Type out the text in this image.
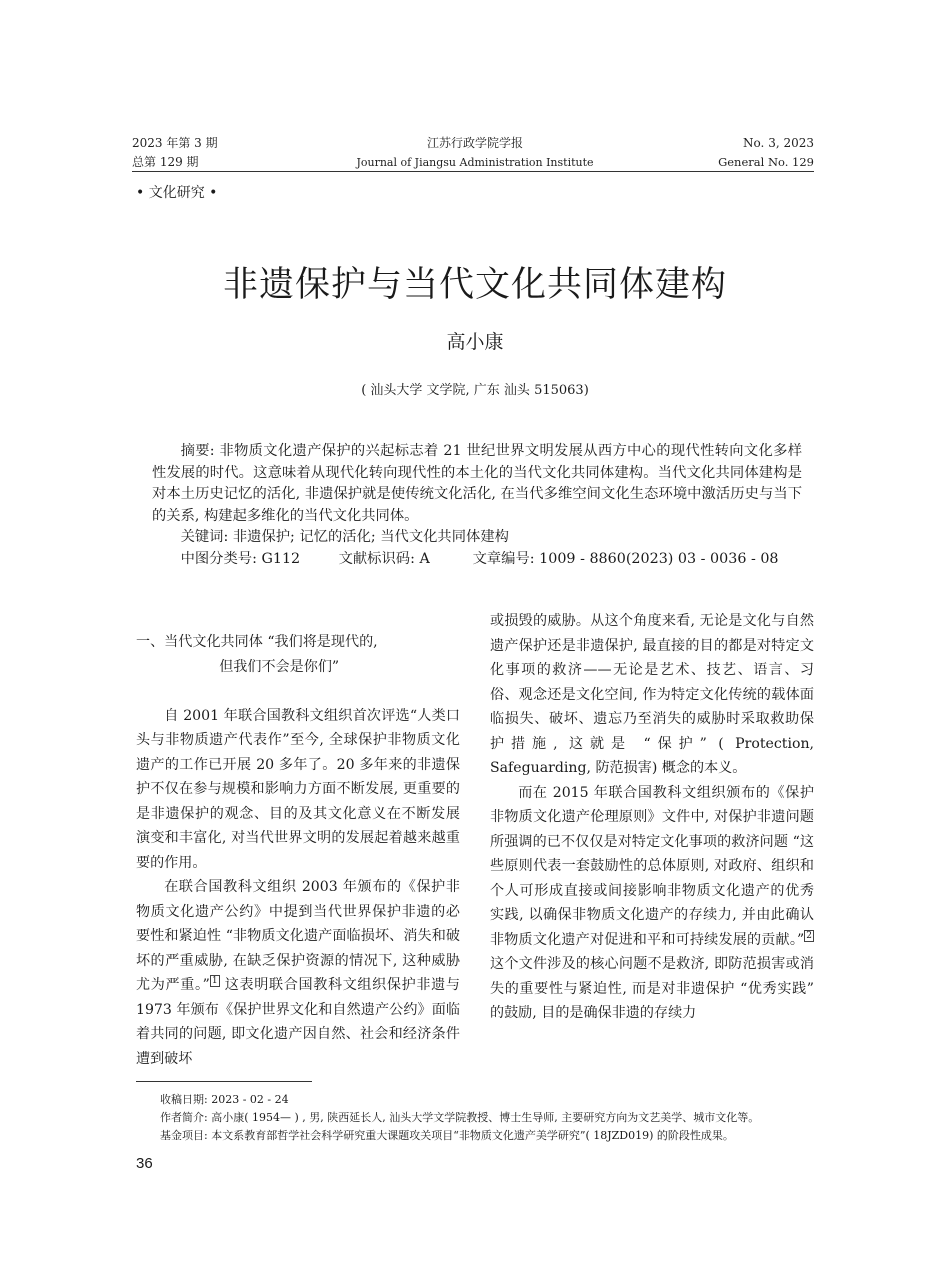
2023 年第 3 期
总第 129 期
江苏行政学院学报
Journal of Jiangsu Administration Institute
No. 3, 2023
General No. 129
• 文化研究 •
非遗保护与当代文化共同体建构
高小康
( 汕头大学 文学院, 广东 汕头 515063)

摘要: 非物质文化遗产保护的兴起标志着 21 世纪世界文明发展从西方中心的现代性转向文化多样性发展的时代。这意味着从现代化转向现代性的本土化的当代文化共同体建构。当代文化共同体建构是对本土历史记忆的活化, 非遗保护就是使传统文化活化, 在当代多维空间文化生态环境中激活历史与当下的关系, 构建起多维化的当代文化共同体。

关键词: 非遗保护; 记忆的活化; 当代文化共同体建构

中图分类号: G112	文献标识码: A	文章编号: 1009 - 8860(2023) 03 - 0036 - 08

一、当代文化共同体 “我们将是现代的,
但我们不会是你们”

自 2001 年联合国教科文组织首次评选“人类口头与非物质遗产代表作”至今, 全球保护非物质文化遗产的工作已开展 20 多年了。20 多年来的非遗保护不仅在参与规模和影响力方面不断发展, 更重要的是非遗保护的观念、目的及其文化意义在不断发展演变和丰富化, 对当代世界文明的发展起着越来越重要的作用。

在联合国教科文组织 2003 年颁布的《保护非物质文化遗产公约》中提到当代世界保护非遗的必要性和紧迫性 “非物质文化遗产面临损坏、消失和破坏的严重威胁, 在缺乏保护资源的情况下, 这种威胁尤为严重。” $^1$ 这表明联合国教科文组织保护非遗与 1973 年颁布《保护世界文化和自然遗产公约》面临着共同的问题, 即文化遗产因自然、社会和经济条件遭到破坏

或损毁的威胁。从这个角度来看, 无论是文化与自然遗产保护还是非遗保护, 最直接的目的都是对特定文化事项的救济——无论是艺术、技艺、语言、习俗、观念还是文化空间, 作为特定文化传统的载体面临损失、破坏、遗忘乃至消失的威胁时采取救助保护措施, 这就是 “保护” ( Protection, Safeguarding, 防范损害) 概念的本义。

而在 2015 年联合国教科文组织颁布的《保护非物质文化遗产伦理原则》文件中, 对保护非遗问题所强调的已不仅仅是对特定文化事项的救济问题 “这些原则代表一套鼓励性的总体原则, 对政府、组织和个人可形成直接或间接影响非物质文化遗产的优秀实践, 以确保非物质文化遗产的存续力, 并由此确认非物质文化遗产对促进和平和可持续发展的贡献。” $^2$ 这个文件涉及的核心问题不是救济, 即防范损害或消失的重要性与紧迫性, 而是对非遗保护 “优秀实践” 的鼓励, 目的是确保非遗的存续力

收稿日期: 2023 - 02 - 24
作者简介: 高小康( 1954— ) , 男, 陕西延长人, 汕头大学文学院教授、博士生导师, 主要研究方向为文艺美学、城市文化等。
基金项目: 本文系教育部哲学社会科学研究重大课题攻关项目“非物质文化遗产美学研究”( 18JZD019) 的阶段性成果。
36
